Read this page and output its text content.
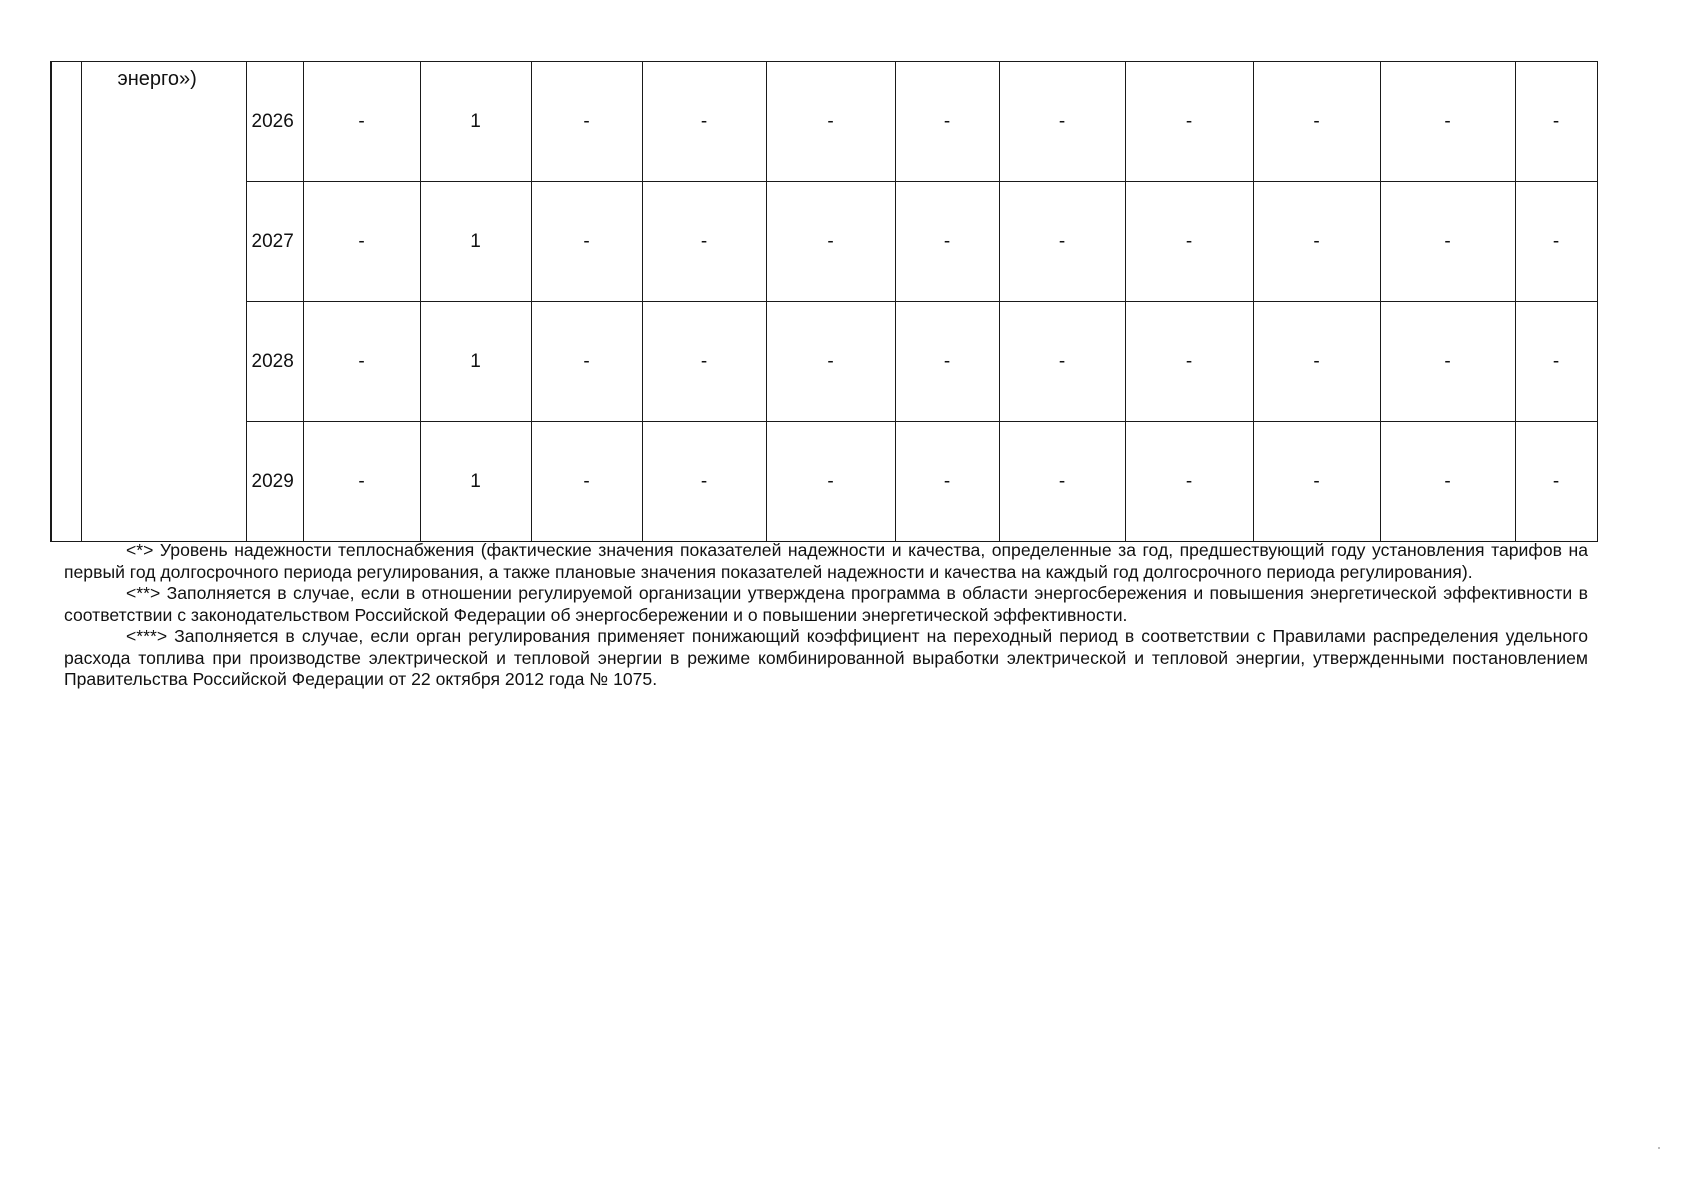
	энерго»)	2026	-	1	-	-	-	-	-	-	-	-	-
		2027	-	1	-	-	-	-	-	-	-	-	-
		2028	-	1	-	-	-	-	-	-	-	-	-
		2029	-	1	-	-	-	-	-	-	-	-	-

<*> Уровень надежности теплоснабжения (фактические значения показателей надежности и качества, определенные за год, предшествующий году установления тарифов на первый год долгосрочного периода регулирования, а также плановые значения показателей надежности и качества на каждый год долгосрочного периода регулирования).

<**> Заполняется в случае, если в отношении регулируемой организации утверждена программа в области энергосбережения и повышения энергетической эффективности в соответствии с законодательством Российской Федерации об энергосбережении и о повышении энергетической эффективности.

<***> Заполняется в случае, если орган регулирования применяет понижающий коэффициент на переходный период в соответствии с Правилами распределения удельного расхода топлива при производстве электрической и тепловой энергии в режиме комбинированной выработки электрической и тепловой энергии, утвержденными постановлением Правительства Российской Федерации от 22 октября 2012 года № 1075.
